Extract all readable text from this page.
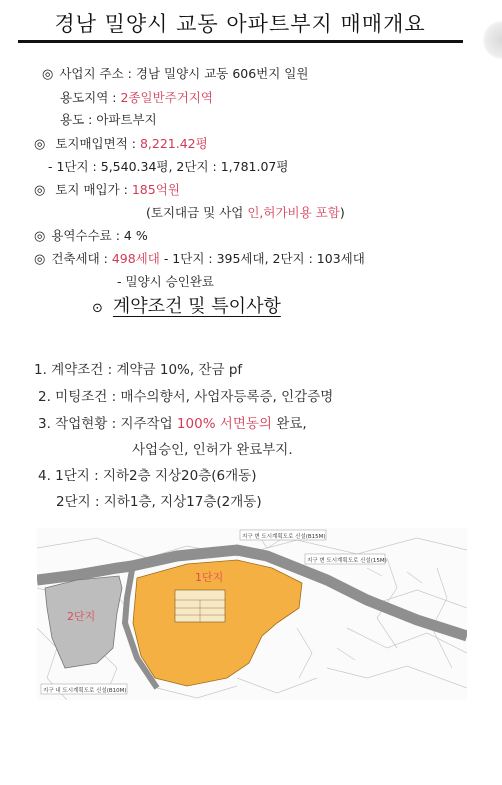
경남 밀양시 교동 아파트부지 매매개요
◎ 사업지 주소 : 경남 밀양시 교동 606번지 일원
용도지역 : 2종일반주거지역
용도 : 아파트부지
◎ 토지매입면적 : 8,221.42평
- 1단지 : 5,540.34평, 2단지 : 1,781.07평
◎ 토지 매입가 : 185억원
(토지대금 및 사업 인,허가비용 포함)
◎ 용역수수료 : 4 %
◎ 건축세대 : 498세대 - 1단지 : 395세대, 2단지 : 103세대
- 밀양시 승인완료
⊙ 계약조건 및 특이사항
1. 계약조건 : 계약금 10%, 잔금 pf
2. 미팅조건 : 매수의향서, 사업자등록증, 인감증명
3. 작업현황 : 지주작업 100% 서면동의 완료,
사업승인, 인허가 완료부지.
4. 1단지 : 지하2층 지상20층(6개동)
2단지 : 지하1층, 지상17층(2개동)
지구 변 도시계획도로 신설(B15M)
지구 변 도시계획도로 신설(15M)
지구 내 도시계획도로 신설(B10M)
1단지
2단지
